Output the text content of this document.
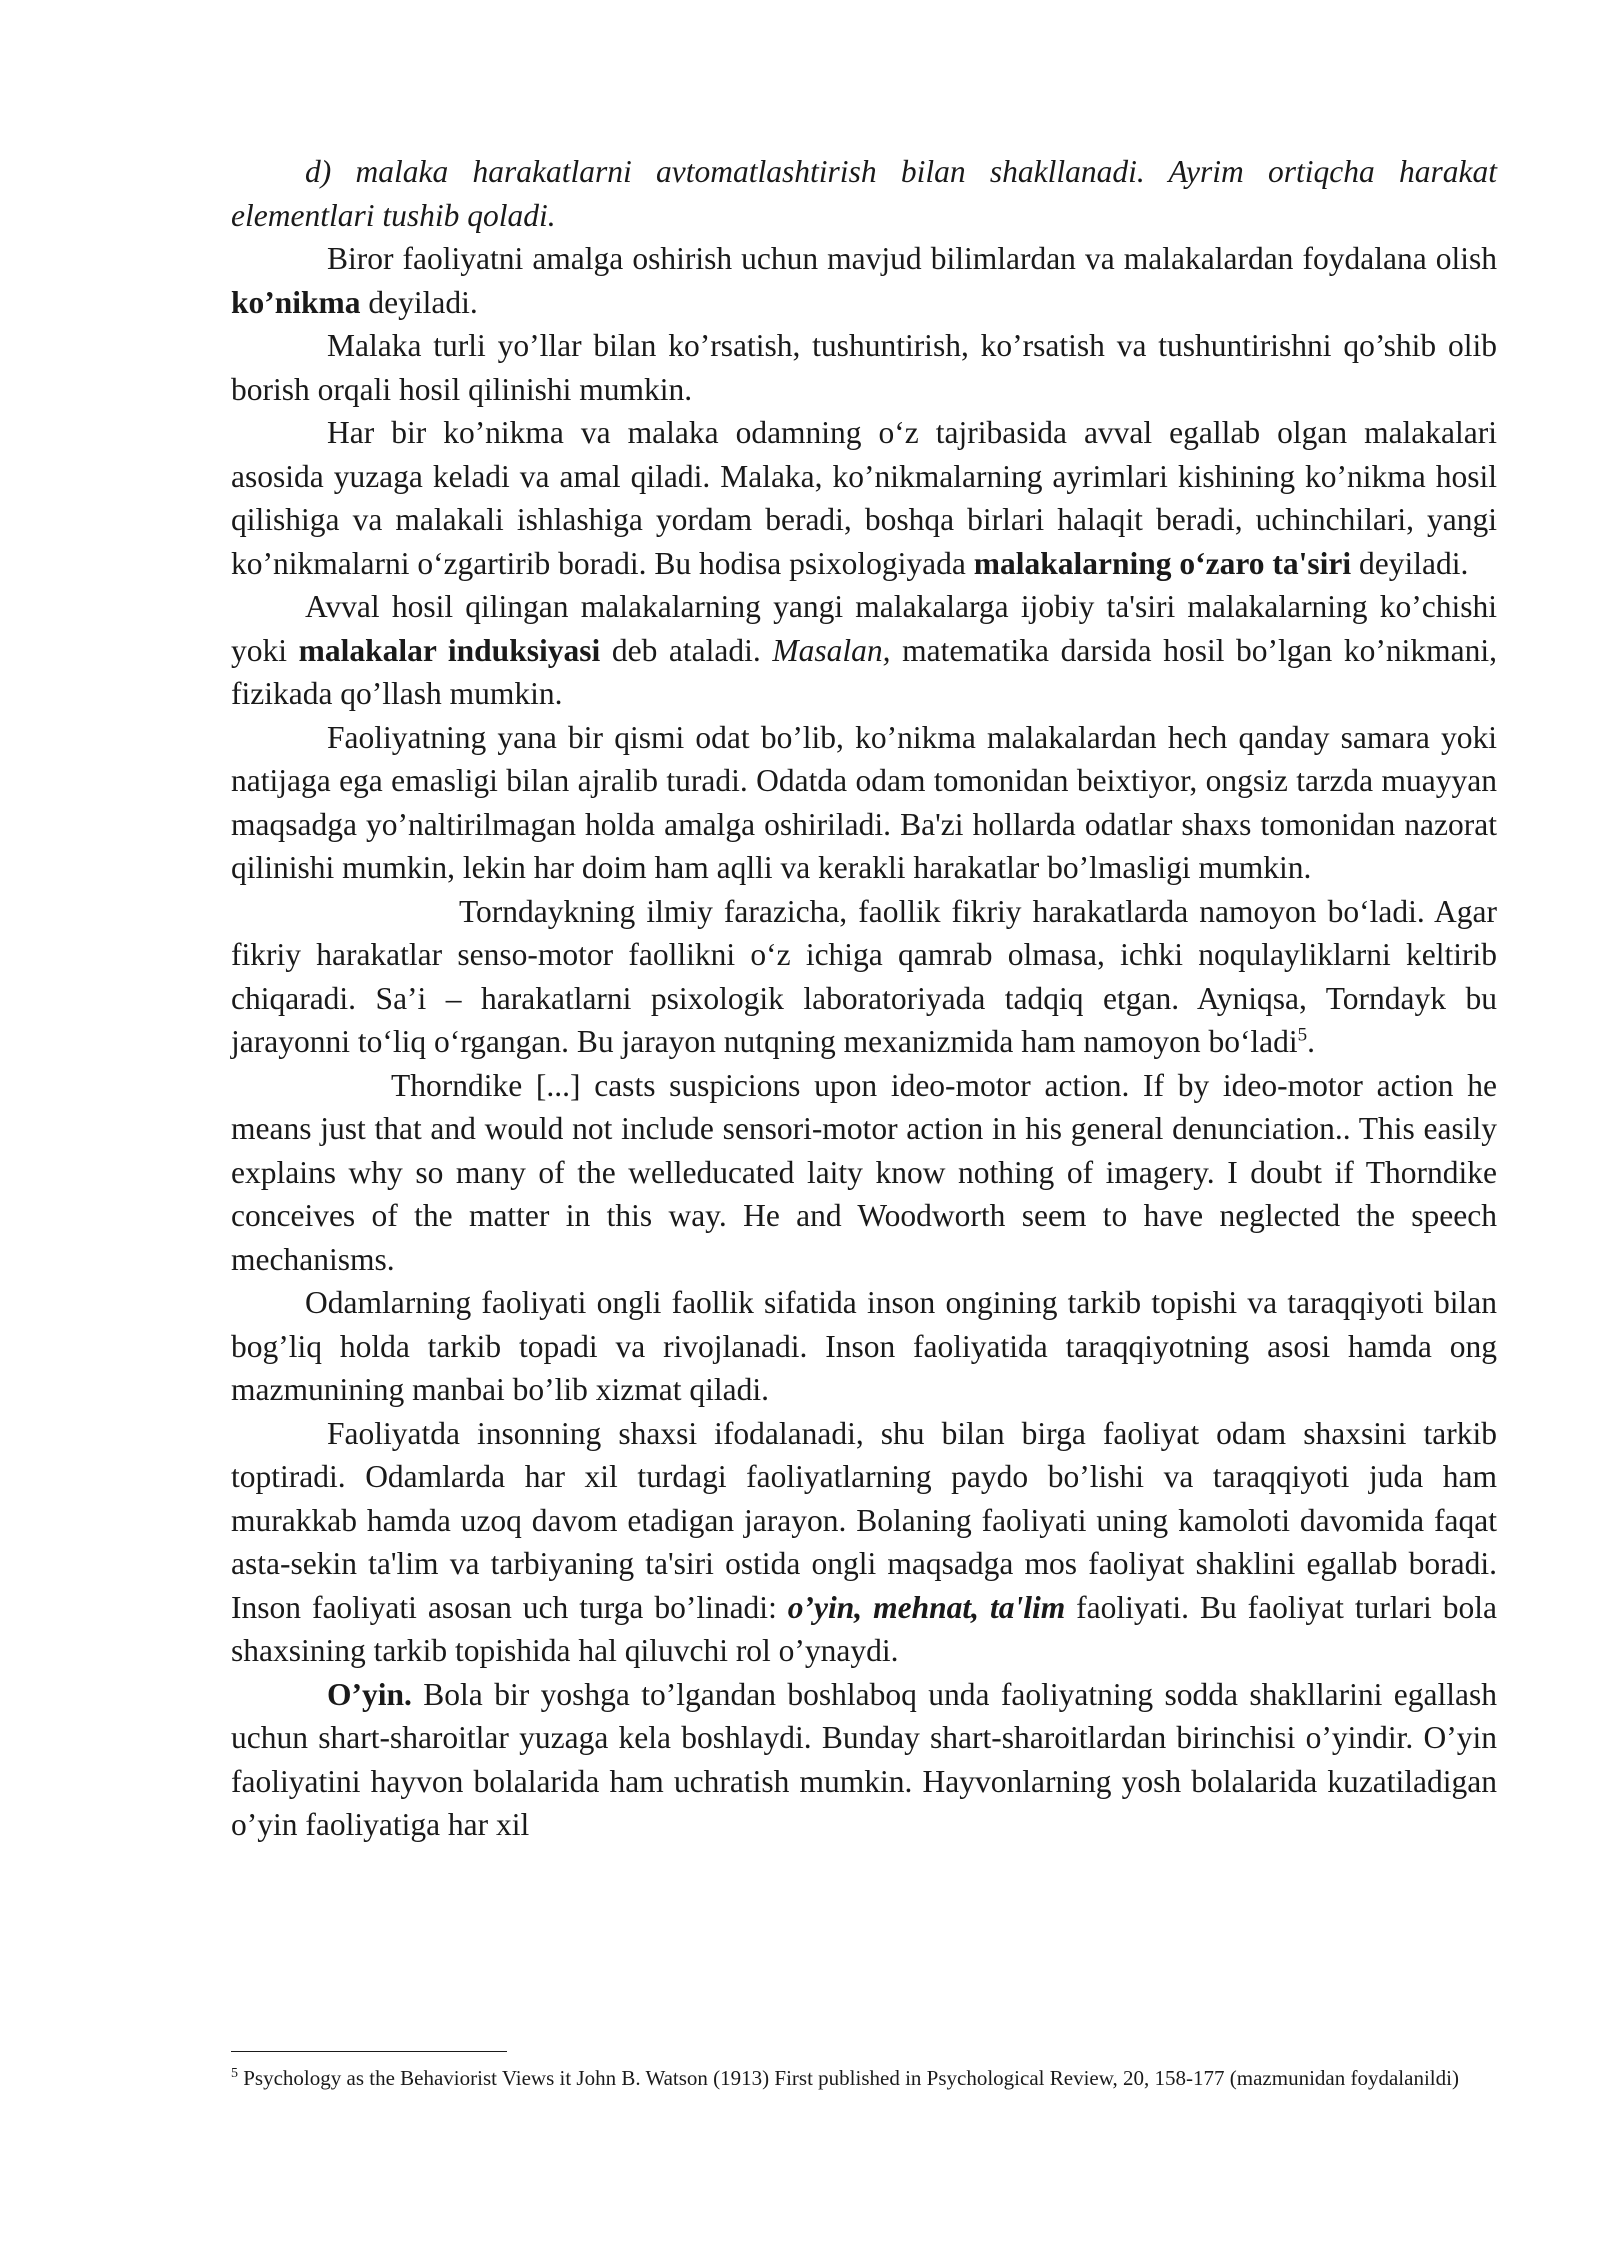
d) malaka harakatlarni avtomatlashtirish bilan shakllanadi. Ayrim ortiqcha harakat elementlari tushib qoladi.

Biror faoliyatni amalga oshirish uchun mavjud bilimlardan va malakalardan foydalana olish ko’nikma deyiladi.

Malaka turli yo’llar bilan ko’rsatish, tushuntirish, ko’rsatish va tushuntirishni qo’shib olib borish orqali hosil qilinishi mumkin.

Har bir ko’nikma va malaka odamning o‘z tajribasida avval egallab olgan malakalari asosida yuzaga keladi va amal qiladi. Malaka, ko’nikmalarning ayrimlari kishining ko’nikma hosil qilishiga va malakali ishlashiga yordam beradi, boshqa birlari halaqit beradi, uchinchilari, yangi ko’nikmalarni o‘zgartirib boradi. Bu hodisa psixologiyada malakalarning o‘zaro ta'siri deyiladi.

Avval hosil qilingan malakalarning yangi malakalarga ijobiy ta'siri malakalarning ko’chishi yoki malakalar induksiyasi deb ataladi. Masalan, matematika darsida hosil bo’lgan ko’nikmani, fizikada qo’llash mumkin.

Faoliyatning yana bir qismi odat bo’lib, ko’nikma malakalardan hech qanday samara yoki natijaga ega emasligi bilan ajralib turadi. Odatda odam tomonidan beixtiyor, ongsiz tarzda muayyan maqsadga yo’naltirilmagan holda amalga oshiriladi. Ba'zi hollarda odatlar shaxs tomonidan nazorat qilinishi mumkin, lekin har doim ham aqlli va kerakli harakatlar bo’lmasligi mumkin.

Torndaykning ilmiy farazicha, faollik fikriy harakatlarda namoyon bo‘ladi. Agar fikriy harakatlar senso-motor faollikni o‘z ichiga qamrab olmasa, ichki noqulayliklarni keltirib chiqaradi. Sa’i – harakatlarni psixologik laboratoriyada tadqiq etgan. Ayniqsa, Torndayk bu jarayonni to‘liq o‘rgangan. Bu jarayon nutqning mexanizmida ham namoyon bo‘ladi$^5$.

Thorndike [...] casts suspicions upon ideo-motor action. If by ideo-motor action he means just that and would not include sensori-motor action in his general denunciation.. This easily explains why so many of the welleducated laity know nothing of imagery. I doubt if Thorndike conceives of the matter in this way. He and Woodworth seem to have neglected the speech mechanisms.

Odamlarning faoliyati ongli faollik sifatida inson ongining tarkib topishi va taraqqiyoti bilan bog’liq holda tarkib topadi va rivojlanadi. Inson faoliyatida taraqqiyotning asosi hamda ong mazmunining manbai bo’lib xizmat qiladi.

Faoliyatda insonning shaxsi ifodalanadi, shu bilan birga faoliyat odam shaxsini tarkib toptiradi. Odamlarda har xil turdagi faoliyatlarning paydo bo’lishi va taraqqiyoti juda ham murakkab hamda uzoq davom etadigan jarayon. Bolaning faoliyati uning kamoloti davomida faqat asta-sekin ta'lim va tarbiyaning ta'siri ostida ongli maqsadga mos faoliyat shaklini egallab boradi. Inson faoliyati asosan uch turga bo’linadi: o’yin, mehnat, ta'lim faoliyati. Bu faoliyat turlari bola shaxsining tarkib topishida hal qiluvchi rol o’ynaydi.

O’yin. Bola bir yoshga to’lgandan boshlaboq unda faoliyatning sodda shakllarini egallash uchun shart-sharoitlar yuzaga kela boshlaydi. Bunday shart-sharoitlardan birinchisi o’yindir. O’yin faoliyatini hayvon bolalarida ham uchratish mumkin. Hayvonlarning yosh bolalarida kuzatiladigan o’yin faoliyatiga har xil

$^5$ Psychology as the Behaviorist Views it John B. Watson (1913) First published in Psychological Review, 20, 158-177 (mazmunidan foydalanildi)
